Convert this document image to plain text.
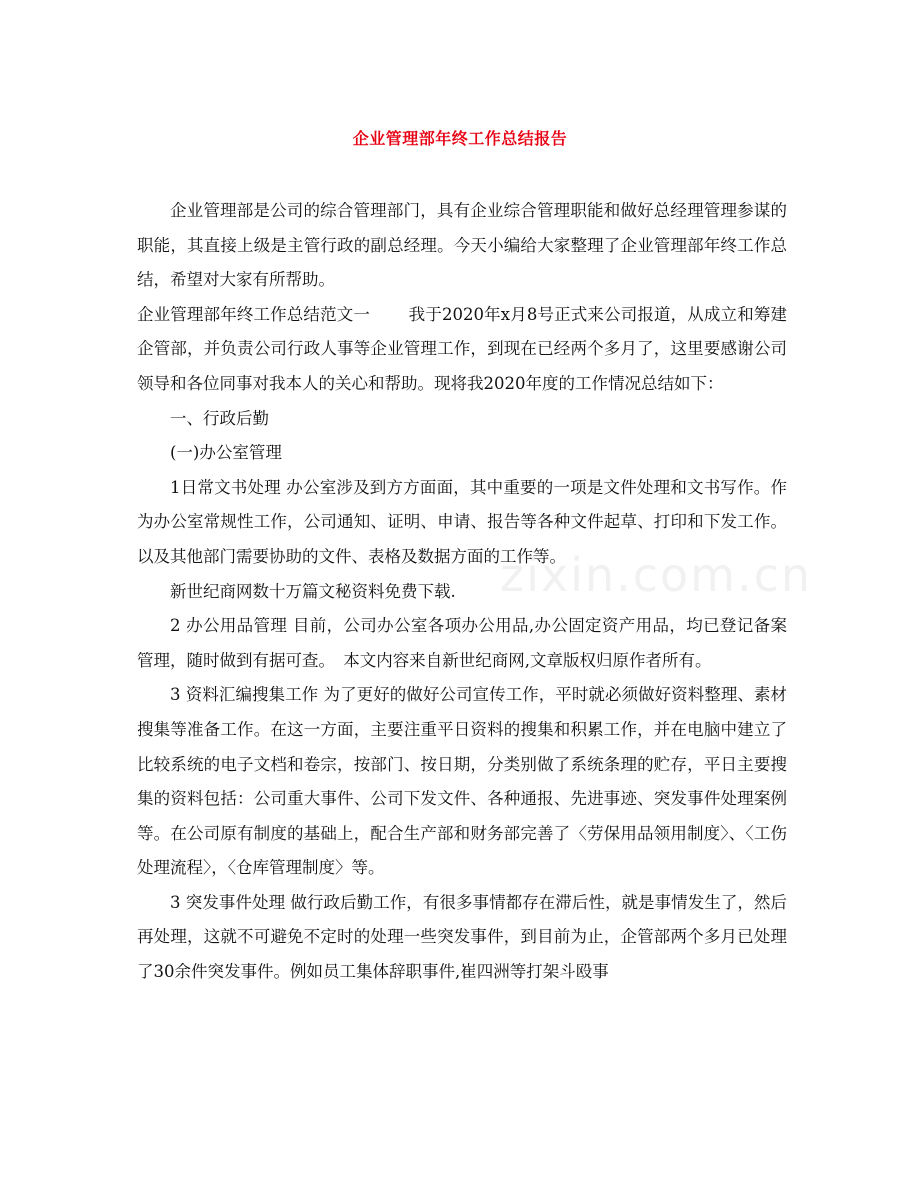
企业管理部年终工作总结报告

企业管理部是公司的综合管理部门，具有企业综合管理职能和做好总经理管理参谋的职能，其直接上级是主管行政的副总经理。今天小编给大家整理了企业管理部年终工作总结，希望对大家有所帮助。

企业管理部年终工作总结范文一　　 我于2020年x月8号正式来公司报道，从成立和筹建企管部，并负责公司行政人事等企业管理工作，到现在已经两个多月了，这里要感谢公司领导和各位同事对我本人的关心和帮助。现将我2020年度的工作情况总结如下：

一、行政后勤

(一)办公室管理

1日常文书处理 办公室涉及到方方面面，其中重要的一项是文件处理和文书写作。作为办公室常规性工作，公司通知、证明、申请、报告等各种文件起草、打印和下发工作。以及其他部门需要协助的文件、表格及数据方面的工作等。

新世纪商网数十万篇文秘资料免费下载.

2 办公用品管理 目前，公司办公室各项办公用品,办公固定资产用品，均已登记备案管理，随时做到有据可查。　本文内容来自新世纪商网,文章版权归原作者所有。

3 资料汇编搜集工作 为了更好的做好公司宣传工作，平时就必须做好资料整理、素材搜集等准备工作。在这一方面，主要注重平日资料的搜集和积累工作，并在电脑中建立了比较系统的电子文档和卷宗，按部门、按日期，分类别做了系统条理的贮存，平日主要搜集的资料包括：公司重大事件、公司下发文件、各种通报、先进事迹、突发事件处理案例等。在公司原有制度的基础上，配合生产部和财务部完善了〈劳保用品领用制度〉、〈工伤处理流程〉，〈仓库管理制度〉等。

3 突发事件处理 做行政后勤工作，有很多事情都存在滞后性，就是事情发生了，然后再处理，这就不可避免不定时的处理一些突发事件，到目前为止，企管部两个多月已处理了30余件突发事件。例如员工集体辞职事件,崔四洲等打架斗殴事

zixin.com.cn
